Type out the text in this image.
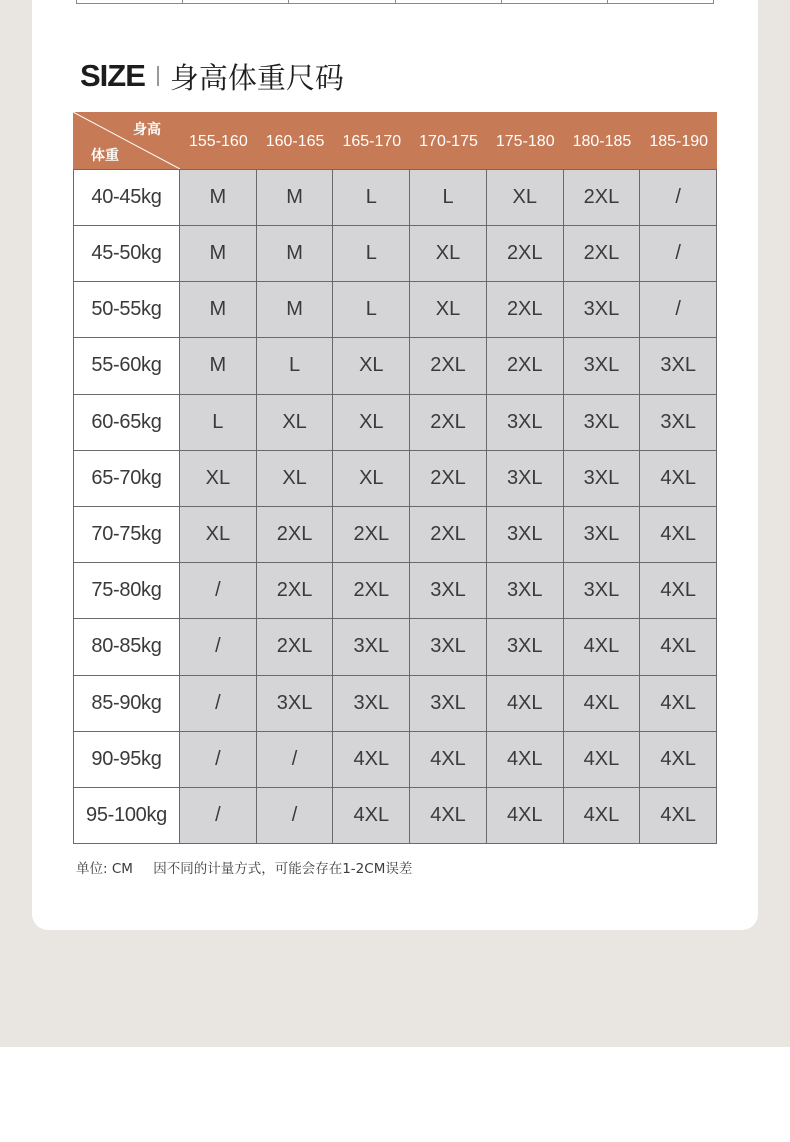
SIZE 身高体重尺码
身高
体重
155-160	160-165	165-170	170-175	175-180	180-185	185-190
40-45kg	M	M	L	L	XL	2XL	/
45-50kg	M	M	L	XL	2XL	2XL	/
50-55kg	M	M	L	XL	2XL	3XL	/
55-60kg	M	L	XL	2XL	2XL	3XL	3XL
60-65kg	L	XL	XL	2XL	3XL	3XL	3XL
65-70kg	XL	XL	XL	2XL	3XL	3XL	4XL
70-75kg	XL	2XL	2XL	2XL	3XL	3XL	4XL
75-80kg	/	2XL	2XL	3XL	3XL	3XL	4XL
80-85kg	/	2XL	3XL	3XL	3XL	4XL	4XL
85-90kg	/	3XL	3XL	3XL	4XL	4XL	4XL
90-95kg	/	/	4XL	4XL	4XL	4XL	4XL
95-100kg	/	/	4XL	4XL	4XL	4XL	4XL
单位: CM 因不同的计量方式，可能会存在1-2CM误差
